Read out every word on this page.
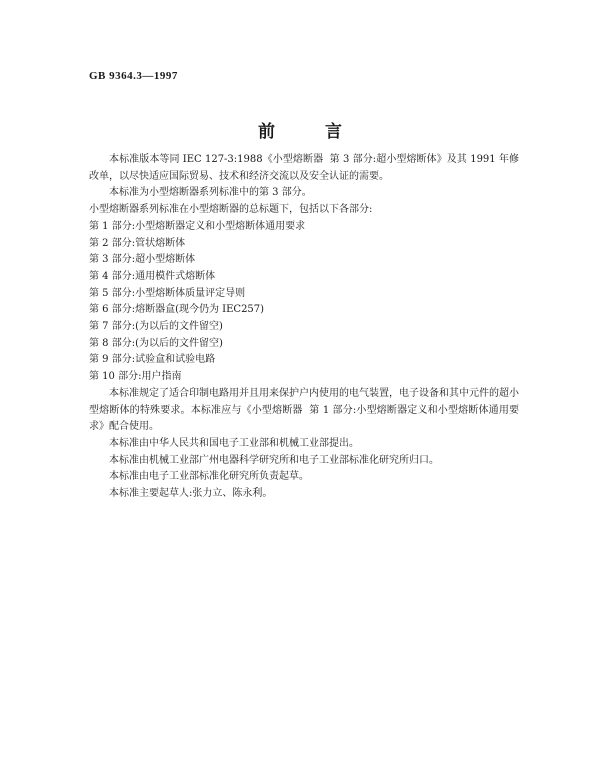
GB 9364.3—1997
前 言

本标准版本等同 IEC 127-3:1988《小型熔断器  第 3 部分:超小型熔断体》及其 1991 年修改单，以尽快适应国际贸易、技术和经济交流以及安全认证的需要。

本标准为小型熔断器系列标准中的第 3 部分。

小型熔断器系列标准在小型熔断器的总标题下，包括以下各部分:

第 1 部分:小型熔断器定义和小型熔断体通用要求

第 2 部分:管状熔断体

第 3 部分:超小型熔断体

第 4 部分:通用模件式熔断体

第 5 部分:小型熔断体质量评定导则

第 6 部分:熔断器盒(现今仍为 IEC257)

第 7 部分:(为以后的文件留空)

第 8 部分:(为以后的文件留空)

第 9 部分:试验盒和试验电路

第 10 部分:用户指南

本标准规定了适合印制电路用并且用来保护户内使用的电气装置，电子设备和其中元件的超小型熔断体的特殊要求。本标准应与《小型熔断器  第 1 部分:小型熔断器定义和小型熔断体通用要求》配合使用。

本标准由中华人民共和国电子工业部和机械工业部提出。

本标准由机械工业部广州电器科学研究所和电子工业部标准化研究所归口。

本标准由电子工业部标准化研究所负责起草。

本标准主要起草人:张力立、陈永利。
